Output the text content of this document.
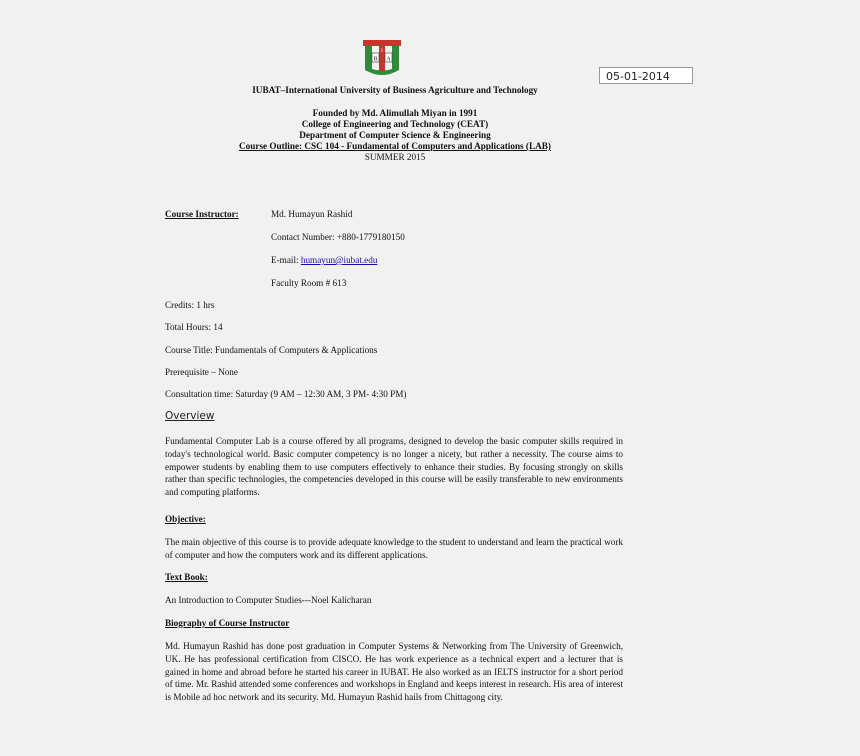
B A
I
05-01-2014
IUBAT–International University of Business Agriculture and Technology
Founded by Md. Alimullah Miyan in 1991
College of Engineering and Technology (CEAT)
Department of Computer Science & Engineering
Course Outline: CSC 104 - Fundamental of Computers and Applications (LAB)
SUMMER 2015
Course Instructor:	Md. Humayun Rashid
Contact Number: +880-1779180150
E-mail: humayun@iubat.edu
Faculty Room # 613
Credits: 1 hrs
Total Hours: 14
Course Title: Fundamentals of Computers & Applications
Prerequisite – None
Consultation time: Saturday (9 AM – 12:30 AM, 3 PM- 4:30 PM)
Overview

Fundamental Computer Lab is a course offered by all programs, designed to develop the basic computer skills required in today's technological world. Basic computer competency is no longer a nicety, but rather a necessity. The course aims to empower students by enabling them to use computers effectively to enhance their studies. By focusing strongly on skills rather than specific technologies, the competencies developed in this course will be easily transferable to new environments and computing platforms.

Objective:

The main objective of this course is to provide adequate knowledge to the student to understand and learn the practical work of computer and how the computers work and its different applications.

Text Book:
An Introduction to Computer Studies---Noel Kalicharan
Biography of Course Instructor

Md. Humayun Rashid has done post graduation in Computer Systems & Networking from The University of Greenwich, UK. He has professional certification from CISCO. He has work experience as a technical expert and a lecturer that is gained in home and abroad before he started his career in IUBAT. He also worked as an IELTS instructor for a short period of time. Mr. Rashid attended some conferences and workshops in England and keeps interest in research. His area of interest is Mobile ad hoc network and its security. Md. Humayun Rashid hails from Chittagong city.
